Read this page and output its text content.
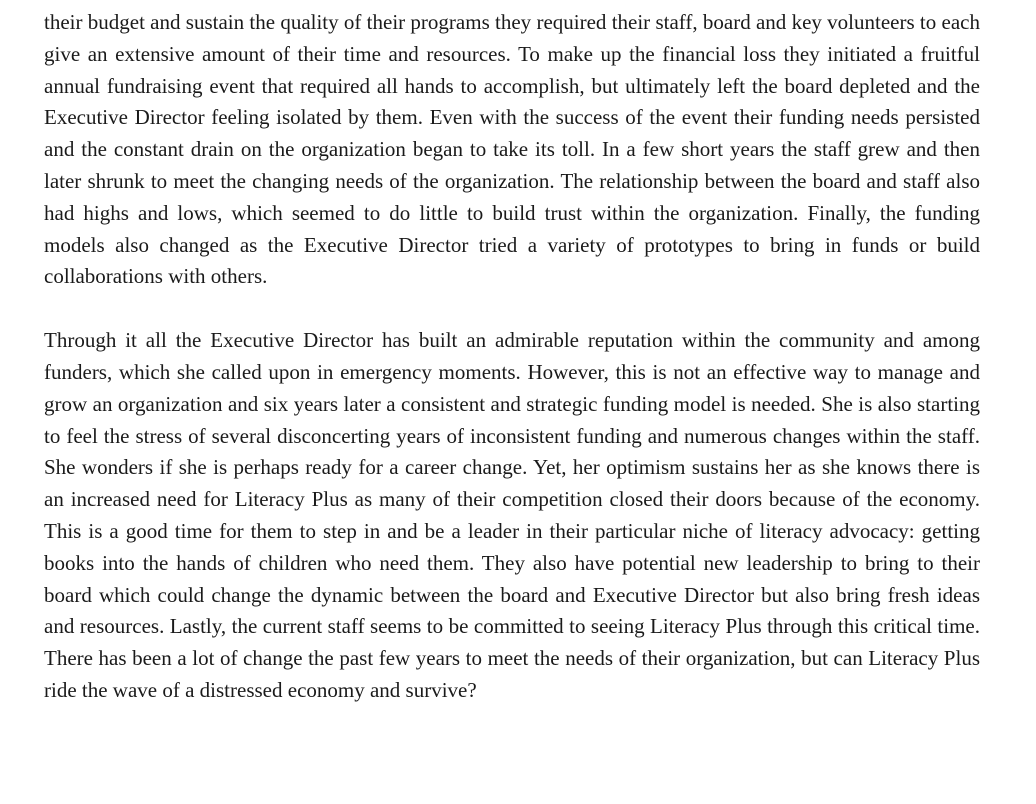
their budget and sustain the quality of their programs they required their staff, board and key volunteers to each give an extensive amount of their time and resources. To make up the financial loss they initiated a fruitful annual fundraising event that required all hands to accomplish, but ultimately left the board depleted and the Executive Director feeling isolated by them. Even with the success of the event their funding needs persisted and the constant drain on the organization began to take its toll. In a few short years the staff grew and then later shrunk to meet the changing needs of the organization. The relationship between the board and staff also had highs and lows, which seemed to do little to build trust within the organization. Finally, the funding models also changed as the Executive Director tried a variety of prototypes to bring in funds or build collaborations with others.

Through it all the Executive Director has built an admirable reputation within the community and among funders, which she called upon in emergency moments. However, this is not an effective way to manage and grow an organization and six years later a consistent and strategic funding model is needed. She is also starting to feel the stress of several disconcerting years of inconsistent funding and numerous changes within the staff. She wonders if she is perhaps ready for a career change. Yet, her optimism sustains her as she knows there is an increased need for Literacy Plus as many of their competition closed their doors because of the economy. This is a good time for them to step in and be a leader in their particular niche of literacy advocacy: getting books into the hands of children who need them. They also have potential new leadership to bring to their board which could change the dynamic between the board and Executive Director but also bring fresh ideas and resources. Lastly, the current staff seems to be committed to seeing Literacy Plus through this critical time. There has been a lot of change the past few years to meet the needs of their organization, but can Literacy Plus ride the wave of a distressed economy and survive?
